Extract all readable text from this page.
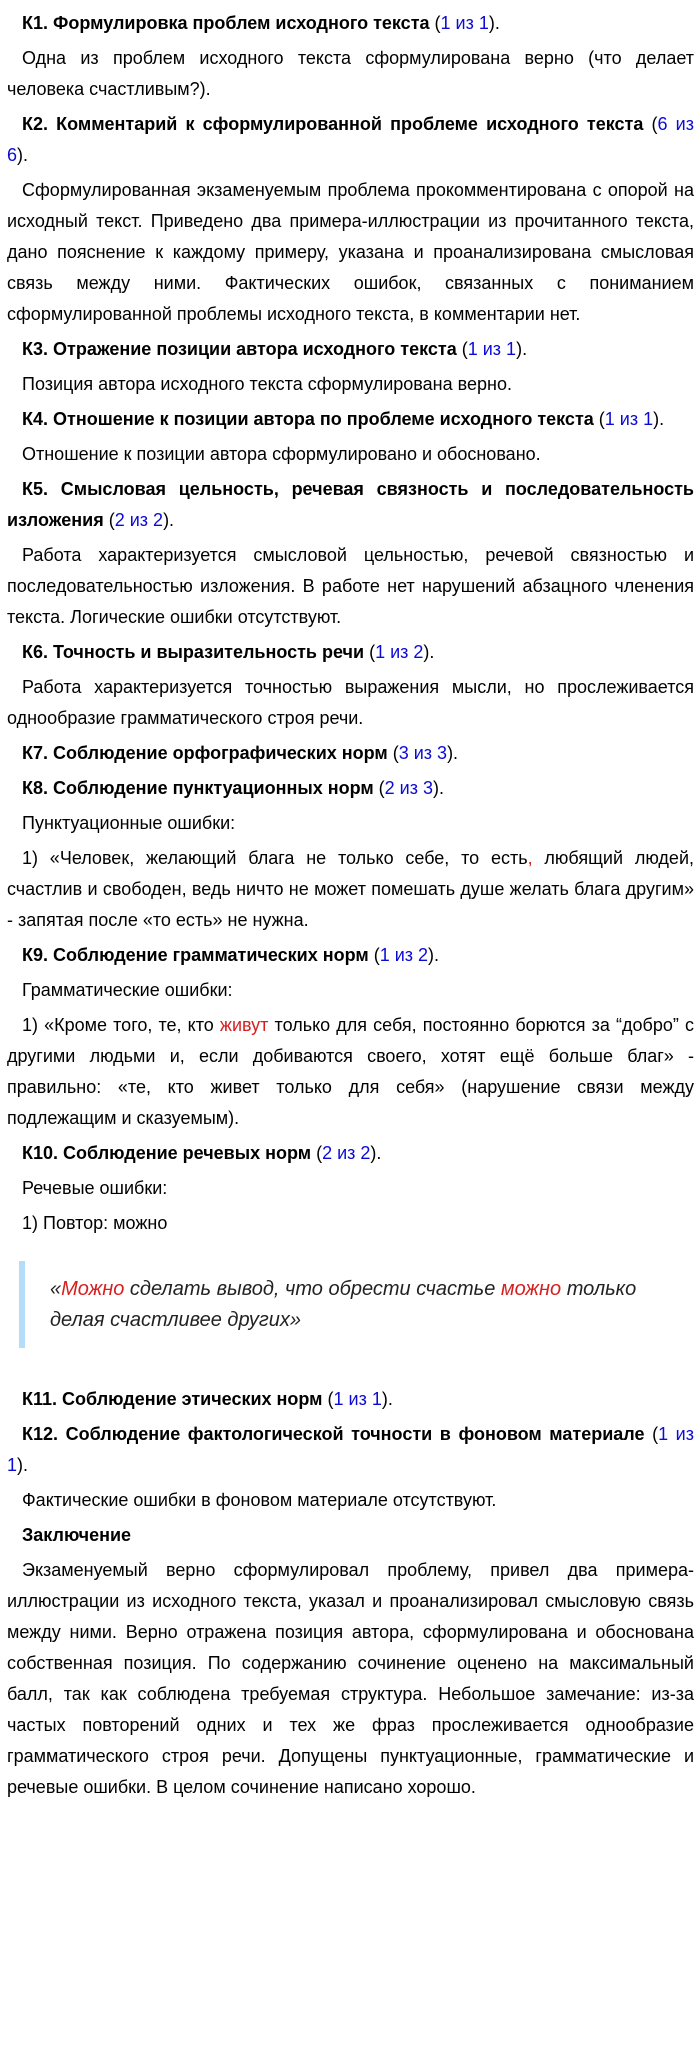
К1. Формулировка проблем исходного текста (1 из 1).

Одна из проблем исходного текста сформулирована верно (что делает человека счастливым?).

К2. Комментарий к сформулированной проблеме исходного текста (6 из 6).

Сформулированная экзаменуемым проблема прокомментирована с опорой на исходный текст. Приведено два примера-иллюстрации из прочитанного текста, дано пояснение к каждому примеру, указана и проанализирована смысловая связь между ними. Фактических ошибок, связанных с пониманием сформулированной проблемы исходного текста, в комментарии нет.

К3. Отражение позиции автора исходного текста (1 из 1).

Позиция автора исходного текста сформулирована верно.

К4. Отношение к позиции автора по проблеме исходного текста (1 из 1).

Отношение к позиции автора сформулировано и обосновано.

К5. Смысловая цельность, речевая связность и последовательность изложения (2 из 2).

Работа характеризуется смысловой цельностью, речевой связностью и последовательностью изложения. В работе нет нарушений абзацного членения текста. Логические ошибки отсутствуют.

К6. Точность и выразительность речи (1 из 2).

Работа характеризуется точностью выражения мысли, но прослеживается однообразие грамматического строя речи.

К7. Соблюдение орфографических норм (3 из 3).

К8. Соблюдение пунктуационных норм (2 из 3).

Пунктуационные ошибки:

1) «Человек, желающий блага не только себе, то есть, любящий людей, счастлив и свободен, ведь ничто не может помешать душе желать блага другим» - запятая после «то есть» не нужна.

К9. Соблюдение грамматических норм (1 из 2).

Грамматические ошибки:

1) «Кроме того, те, кто живут только для себя, постоянно борются за “добро” с другими людьми и, если добиваются своего, хотят ещё больше благ» - правильно: «те, кто живет только для себя» (нарушение связи между подлежащим и сказуемым).

К10. Соблюдение речевых норм (2 из 2).

Речевые ошибки:

1) Повтор: можно

«Можно сделать вывод, что обрести счастье можно только делая счастливее других»

К11. Соблюдение этических норм (1 из 1).

К12. Соблюдение фактологической точности в фоновом материале (1 из 1).

Фактические ошибки в фоновом материале отсутствуют.

Заключение

Экзаменуемый верно сформулировал проблему, привел два примера-иллюстрации из исходного текста, указал и проанализировал смысловую связь между ними. Верно отражена позиция автора, сформулирована и обоснована собственная позиция. По содержанию сочинение оценено на максимальный балл, так как соблюдена требуемая структура. Небольшое замечание: из-за частых повторений одних и тех же фраз прослеживается однообразие грамматического строя речи. Допущены пунктуационные, грамматические и речевые ошибки. В целом сочинение написано хорошо.
